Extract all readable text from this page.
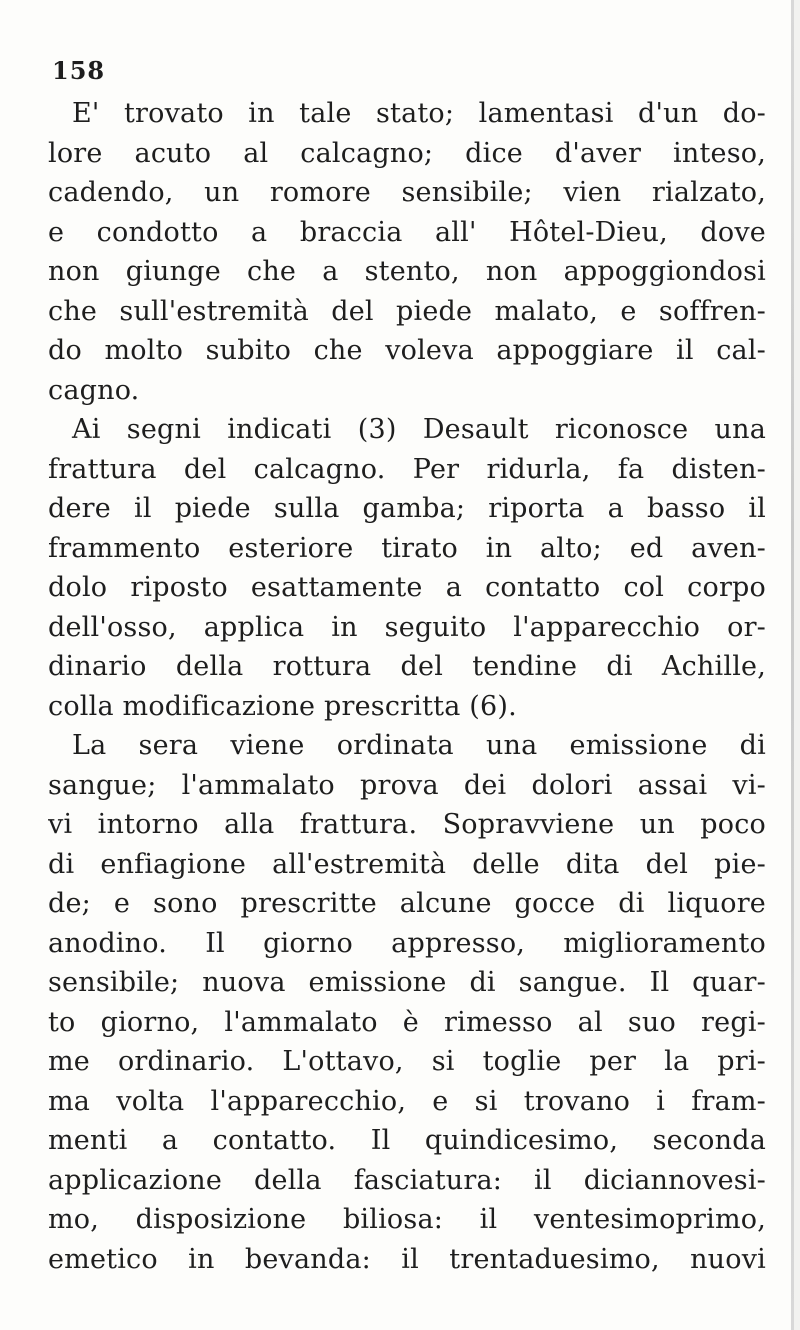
158
E' trovato in tale stato; lamentasi d'un do-
lore acuto al calcagno; dice d'aver inteso,
cadendo, un romore sensibile; vien rialzato,
e condotto a braccia all' Hôtel-Dieu, dove
non giunge che a stento, non appoggiondosi
che sull'estremità del piede malato, e soffren-
do molto subito che voleva appoggiare il cal-
cagno.
Ai segni indicati (3) Desault riconosce una
frattura del calcagno. Per ridurla, fa disten-
dere il piede sulla gamba; riporta a basso il
frammento esteriore tirato in alto; ed aven-
dolo riposto esattamente a contatto col corpo
dell'osso, applica in seguito l'apparecchio or-
dinario della rottura del tendine di Achille,
colla modificazione prescritta (6).
La sera viene ordinata una emissione di
sangue; l'ammalato prova dei dolori assai vi-
vi intorno alla frattura. Sopravviene un poco
di enfiagione all'estremità delle dita del pie-
de; e sono prescritte alcune gocce di liquore
anodino. Il giorno appresso, miglioramento
sensibile; nuova emissione di sangue. Il quar-
to giorno, l'ammalato è rimesso al suo regi-
me ordinario. L'ottavo, si toglie per la pri-
ma volta l'apparecchio, e si trovano i fram-
menti a contatto. Il quindicesimo, seconda
applicazione della fasciatura: il diciannovesi-
mo, disposizione biliosa: il ventesimoprimo,
emetico in bevanda: il trentaduesimo, nuovi
